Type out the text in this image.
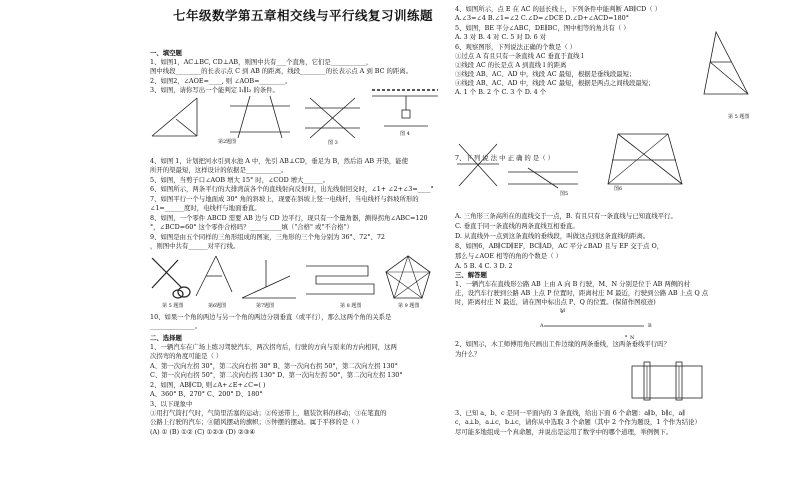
七年级数学第五章相交线与平行线复习训练题
一、填空题
1、如图1，AC⊥BC, CD⊥AB，则图中共有___个直角，它们是___________，
图中线段________的长表示点 C 到 AB 的距离，线段________的长表示点 A 到 BC 的距离。
2、如图2，∠AOE=____, 则 ∠AOB=________。
3、如图，请你写出一个能判定 l₁∥l₂ 的条件。
第2题图	图 3
图 4
4、如图 1，计划把河水引到水池 A 中，先引 AB⊥CD，垂足为 B，然后沿 AB 开渠，能使
所开的渠最短，这样设计的依据是___________。
5、如图，当剪子口∠AOB 增大 15° 时，∠COD 增大______。
6、如图所示，两条平行的大排湾前各个的直线射向反射时，出光线射回交时，∠1+ ∠2+∠3=____°
7、如图平行一个与地面成 30° 角的斜坡上，现要在斜坡上竖一电线杆，当电线杆与斜坡所形的
∠1=______度时，电线杆与地面垂直。
8、如图，一个零件 ABCD 需要 AB 边与 CD 边平行，现只有一个量角器，测得拐角∠ABC=120
°，∠BCD=60° 这个零件合格吗？__________填（"合格" 或"不合格"）
9、如图是由五个同样的三角形组成的图案，三角形的三个角分别为 36°、72°、72
，则图中共有______对平行线。
第 5 题图	第6题图	第7题图	第 9 题图
第 8 题图
10、如果一个角的两边与另一个角的两边分别垂直（或平行），那么这两个角的关系是
______________。
二、选择题
1、一辆汽车在广场上练习驾驶汽车，两次拐弯后，行驶的方向与原来的方向相同，这两
次拐弯的角度可能是（ ）
A、第一次向左拐 30°，第二次向右拐 30° B、第一次向右拐 50°，第二次向左拐 130°
C、第一次向右拐 50°，第二次向右拐 130° D、第一次向左拐 50°，第二次向左拐 130°
2、如图，AB∥CD, 则∠A+∠E+∠C=( )
A、360° B、270° C、200° D、180°
3、以下现象中
①用打气筒打气时，气筒里活塞的运动；②传送带上，瓶装饮料的移动；③在笔直的
公路上行驶的汽车；④随风摆动的旗帜；⑤钟摆的摆动。属于平移的是（ ）
(A) ① (B) ①② (C) ①②③ (D) ②③④
4、如图所示，点 E 在 AC 的延长线上，下列条件中能判断 AB∥CD（ ）
A.∠3=∠4 B.∠1=∠2 C.∠D=∠DCE D.∠D+∠ACD=180°
5、如图，BE 平分∠ABC，DE∥BC，图中相等的角共有（ ）
A. 3 对 B. 4 对 C. 5 对 D. 6 对
6、观察图形，下列说法正确的个数是（ ）
①过点 A 有且只有一条直线 AC 垂直于直线 l
②线段 AC 的长是点 A 到直线 l 的距离
③线段 AB、AC、AD 中，线段 AC 最短，根据是垂线段最短；
④线段 AB、AC、AD 中，线段 AC 最短，根据是两点之间线段最短；
A. 1 个 B. 2 个 C. 3 个 D. 4 个
第 5 题图
7、下 列 说 法 中 正 确 的 是（ ）
图5
图6
A. 三角形三条高所在的直线交于一点，B. 有且只有一条直线与已知直线平行。
C. 垂直于同一条直线的两条直线互相垂直。
D. 从直线外一点到这条直线的垂线段，叫做这点到这条直线的距离。
8、如图6，AB∥CD∥EF，BC∥AD，AC 平分∠BAD 且与 EF 交于点 O，
那么与∠AOE 相等的角的个数是（ ）
A. 5 B. 4 C. 3 D. 2
三、解答题
1、一辆汽车在直线形公路 AB 上由 A 向 B 行驶，M、N 分别是位于 AB 两侧的村
庄，设汽车行驶到公路 AB 上点 P 位置时，距离村庄 M 最近，行驶到公路 AB 上点 Q 点
时，距离村庄 N 最近，请在图中标出点 P、Q 的位置。(保留作图痕迹)
M
N
A	B
2、如图示，木工师傅用角尺画出工件边缘的两条垂线，这两条垂线平行吗？
为什么？
3、已知 a、b、c 是同一平面内的 3 条直线，给出下面 6 个命题：a∥b，b∥c，a∥
c，a⊥b，a⊥c，b⊥c，请你从中选取 3 个命题（其中 2 个作为题设，1 个作为结论）
尽可能多地组成一个真命题，并说出是运用了数学中的哪个道理，举例例下。
